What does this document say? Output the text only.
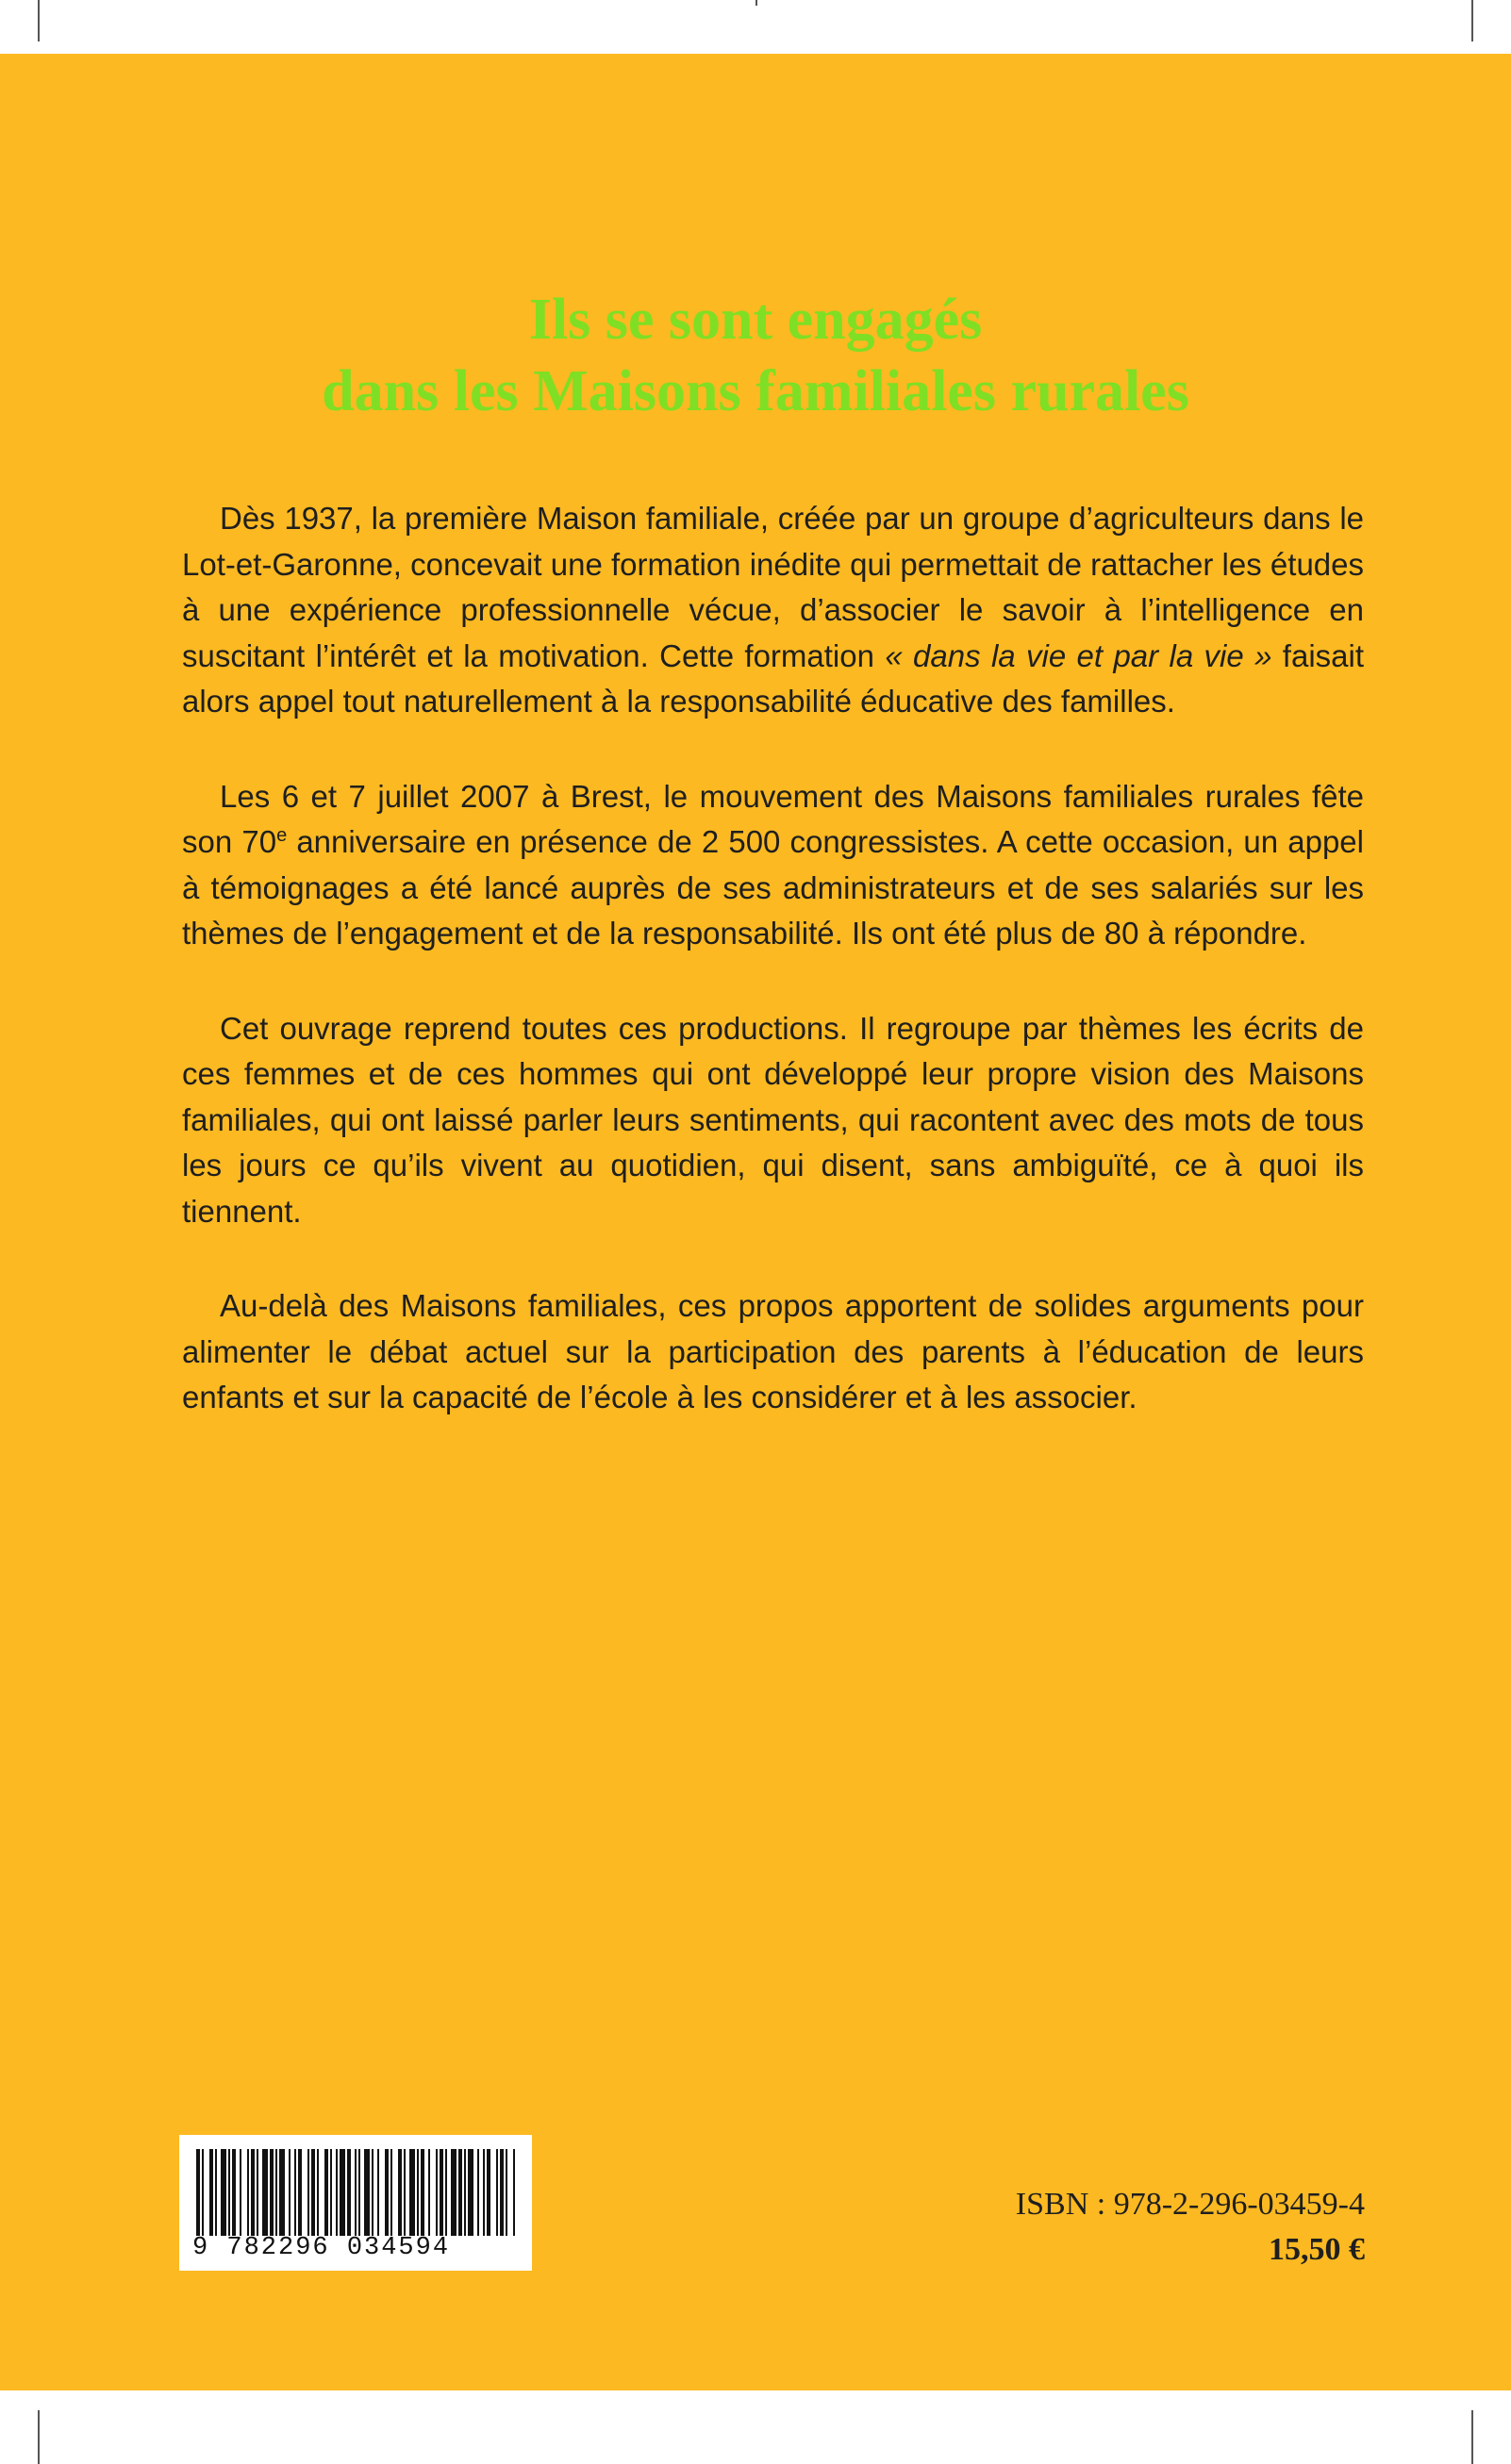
Ils se sont engagés
dans les Maisons familiales rurales

Dès 1937, la première Maison familiale, créée par un groupe d’agriculteurs dans le Lot-et-Garonne, concevait une formation inédite qui permettait de rattacher les études à une expérience professionnelle vécue, d’associer le savoir à l’intelligence en suscitant l’intérêt et la motivation. Cette formation « dans la vie et par la vie » faisait alors appel tout naturellement à la responsabilité éducative des familles.

Les 6 et 7 juillet 2007 à Brest, le mouvement des Maisons familiales rurales fête son 70e anniversaire en présence de 2 500 congressistes. A cette occasion, un appel à témoignages a été lancé auprès de ses administrateurs et de ses salariés sur les thèmes de l’engagement et de la responsabilité. Ils ont été plus de 80 à répondre.

Cet ouvrage reprend toutes ces productions. Il regroupe par thèmes les écrits de ces femmes et de ces hommes qui ont développé leur propre vision des Maisons familiales, qui ont laissé parler leurs sentiments, qui racontent avec des mots de tous les jours ce qu’ils vivent au quotidien, qui disent, sans ambiguïté, ce à quoi ils tiennent.

Au-delà des Maisons familiales, ces propos apportent de solides arguments pour alimenter le débat actuel sur la participation des parents à l’éducation de leurs enfants et sur la capacité de l’école à les considérer et à les associer.

9 782296 034594
ISBN : 978-2-296-03459-4
15,50 €
